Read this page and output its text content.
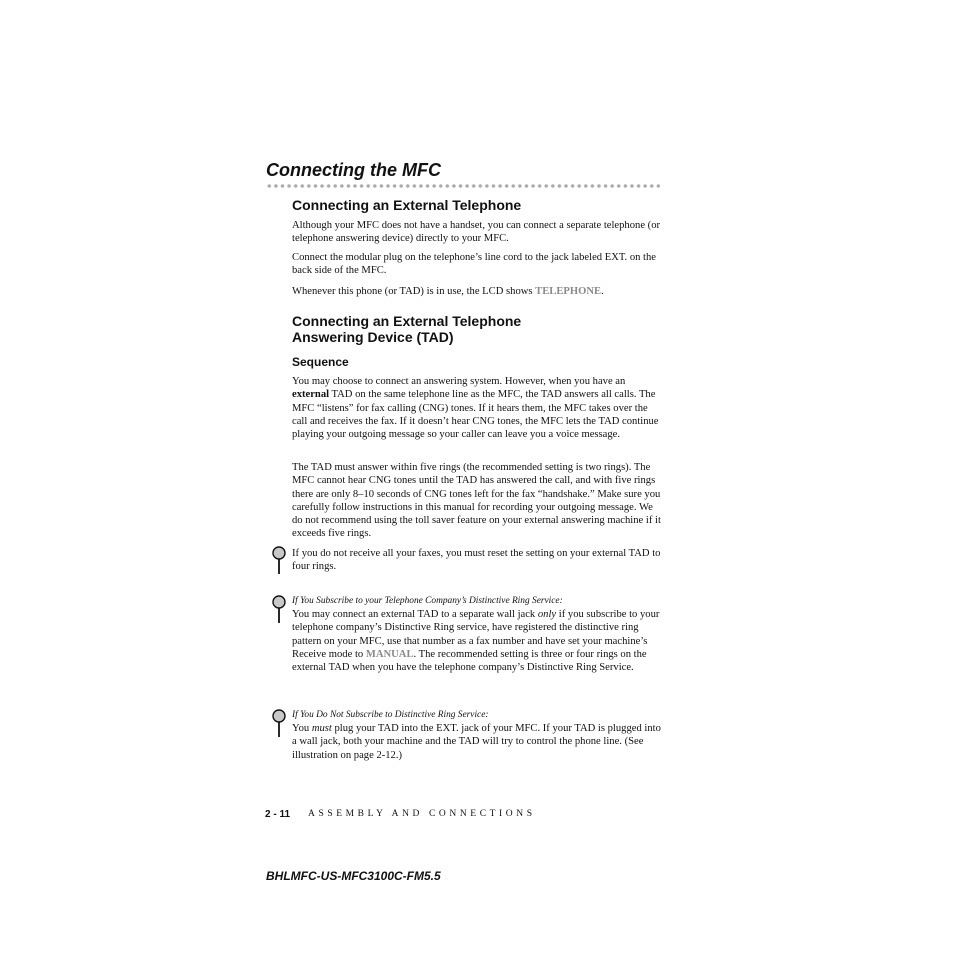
Connecting the MFC
Connecting an External Telephone

Although your MFC does not have a handset, you can connect a separate telephone (or telephone answering device) directly to your MFC.

Connect the modular plug on the telephone’s line cord to the jack labeled EXT. on the back side of the MFC.

Whenever this phone (or TAD) is in use, the LCD shows TELEPHONE.

Connecting an External Telephone
Answering Device (TAD)
Sequence

You may choose to connect an answering system. However, when you have an external TAD on the same telephone line as the MFC, the TAD answers all calls. The MFC “listens” for fax calling (CNG) tones. If it hears them, the MFC takes over the call and receives the fax. If it doesn’t hear CNG tones, the MFC lets the TAD continue playing your outgoing message so your caller can leave you a voice message.

The TAD must answer within five rings (the recommended setting is two rings). The MFC cannot hear CNG tones until the TAD has answered the call, and with five rings there are only 8–10 seconds of CNG tones left for the fax “handshake.” Make sure you carefully follow instructions in this manual for recording your outgoing message. We do not recommend using the toll saver feature on your external answering machine if it exceeds five rings.

If you do not receive all your faxes, you must reset the setting on your external TAD to four rings.

If You Subscribe to your Telephone Company’s Distinctive Ring Service:
You may connect an external TAD to a separate wall jack only if you subscribe to your telephone company’s Distinctive Ring service, have registered the distinctive ring pattern on your MFC, use that number as a fax number and have set your machine’s Receive mode to MANUAL. The recommended setting is three or four rings on the external TAD when you have the telephone company’s Distinctive Ring Service.

If You Do Not Subscribe to Distinctive Ring Service:
You must plug your TAD into the EXT. jack of your MFC. If your TAD is plugged into a wall jack, both your machine and the TAD will try to control the phone line. (See illustration on page 2-12.)

2 - 11 ASSEMBLY AND CONNECTIONS

BHLMFC-US-MFC3100C-FM5.5
